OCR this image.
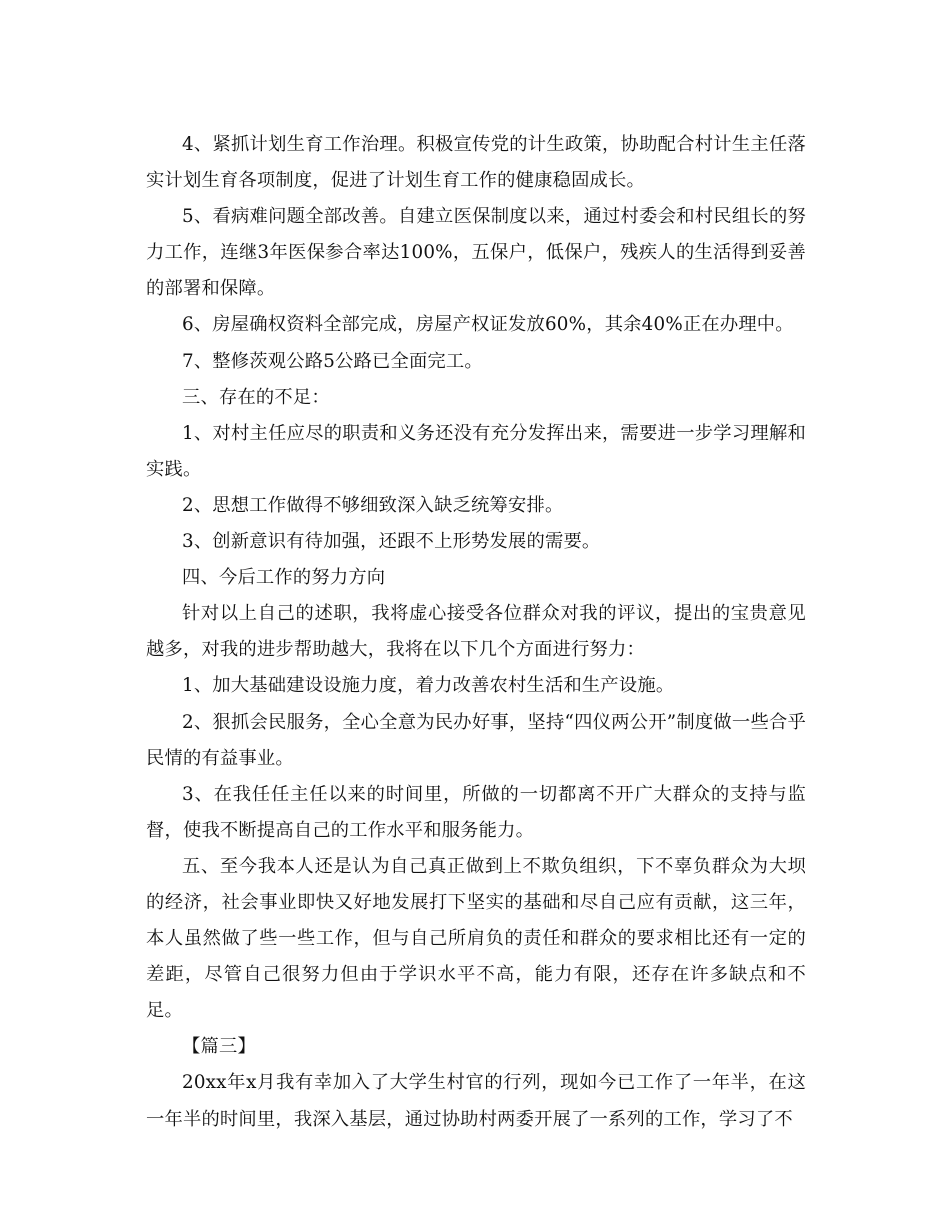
4、紧抓计划生育工作治理。积极宣传党的计生政策，协助配合村计生主任落实计划生育各项制度，促进了计划生育工作的健康稳固成长。

5、看病难问题全部改善。自建立医保制度以来，通过村委会和村民组长的努力工作，连继3年医保参合率达100%，五保户，低保户，残疾人的生活得到妥善的部署和保障。

6、房屋确权资料全部完成，房屋产权证发放60%，其余40%正在办理中。

7、整修茨观公路5公路已全面完工。

三、存在的不足：

1、对村主任应尽的职责和义务还没有充分发挥出来，需要进一步学习理解和实践。

2、思想工作做得不够细致深入缺乏统筹安排。

3、创新意识有待加强，还跟不上形势发展的需要。

四、今后工作的努力方向

针对以上自己的述职，我将虚心接受各位群众对我的评议，提出的宝贵意见越多，对我的进步帮助越大，我将在以下几个方面进行努力：

1、加大基础建设设施力度，着力改善农村生活和生产设施。

2、狠抓会民服务，全心全意为民办好事，坚持“四仪两公开”制度做一些合乎民情的有益事业。

3、在我任任主任以来的时间里，所做的一切都离不开广大群众的支持与监督，使我不断提高自己的工作水平和服务能力。

五、至今我本人还是认为自己真正做到上不欺负组织，下不辜负群众为大坝的经济，社会事业即快又好地发展打下坚实的基础和尽自己应有贡献，这三年，本人虽然做了些一些工作，但与自己所肩负的责任和群众的要求相比还有一定的差距，尽管自己很努力但由于学识水平不高，能力有限，还存在许多缺点和不足。

【篇三】

20xx年x月我有幸加入了大学生村官的行列，现如今已工作了一年半，在这一年半的时间里，我深入基层，通过协助村两委开展了一系列的工作，学习了不
